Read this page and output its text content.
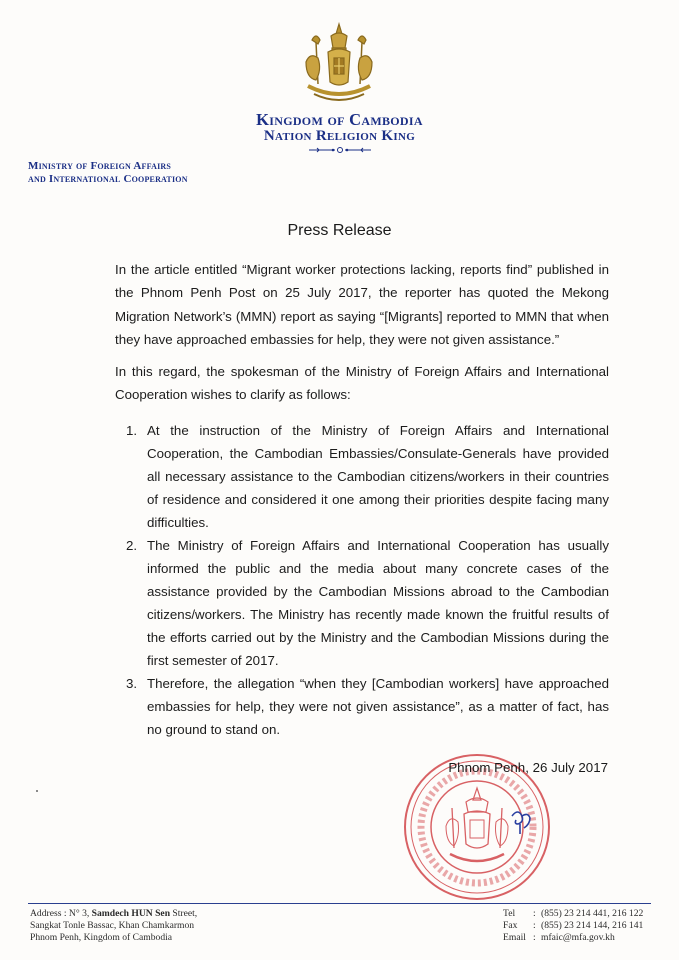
Kingdom of Cambodia
Nation Religion King
Ministry of Foreign Affairs
and International Cooperation
Press Release

In the article entitled “Migrant worker protections lacking, reports find” published in the Phnom Penh Post on 25 July 2017, the reporter has quoted the Mekong Migration Network’s (MMN) report as saying “[Migrants] reported to MMN that when they have approached embassies for help, they were not given assistance.”

In this regard, the spokesman of the Ministry of Foreign Affairs and International Cooperation wishes to clarify as follows:

1. At the instruction of the Ministry of Foreign Affairs and International Cooperation, the Cambodian Embassies/Consulate-Generals have provided all necessary assistance to the Cambodian citizens/workers in their countries of residence and considered it one among their priorities despite facing many difficulties.
2. The Ministry of Foreign Affairs and International Cooperation has usually informed the public and the media about many concrete cases of the assistance provided by the Cambodian Missions abroad to the Cambodian citizens/workers. The Ministry has recently made known the fruitful results of the efforts carried out by the Ministry and the Cambodian Missions during the first semester of 2017.
3. Therefore, the allegation “when they [Cambodian workers] have approached embassies for help, they were not given assistance”, as a matter of fact, has no ground to stand on.
Phnom Penh, 26 July 2017
Address : N° 3, Samdech HUN Sen Street,
Sangkat Tonle Bassac, Khan Chamkarmon
Phnom Penh, Kingdom of Cambodia
Tel	: (855) 23 214 441, 216 122
Fax	: (855) 23 214 144, 216 141
Email : mfaic@mfa.gov.kh
